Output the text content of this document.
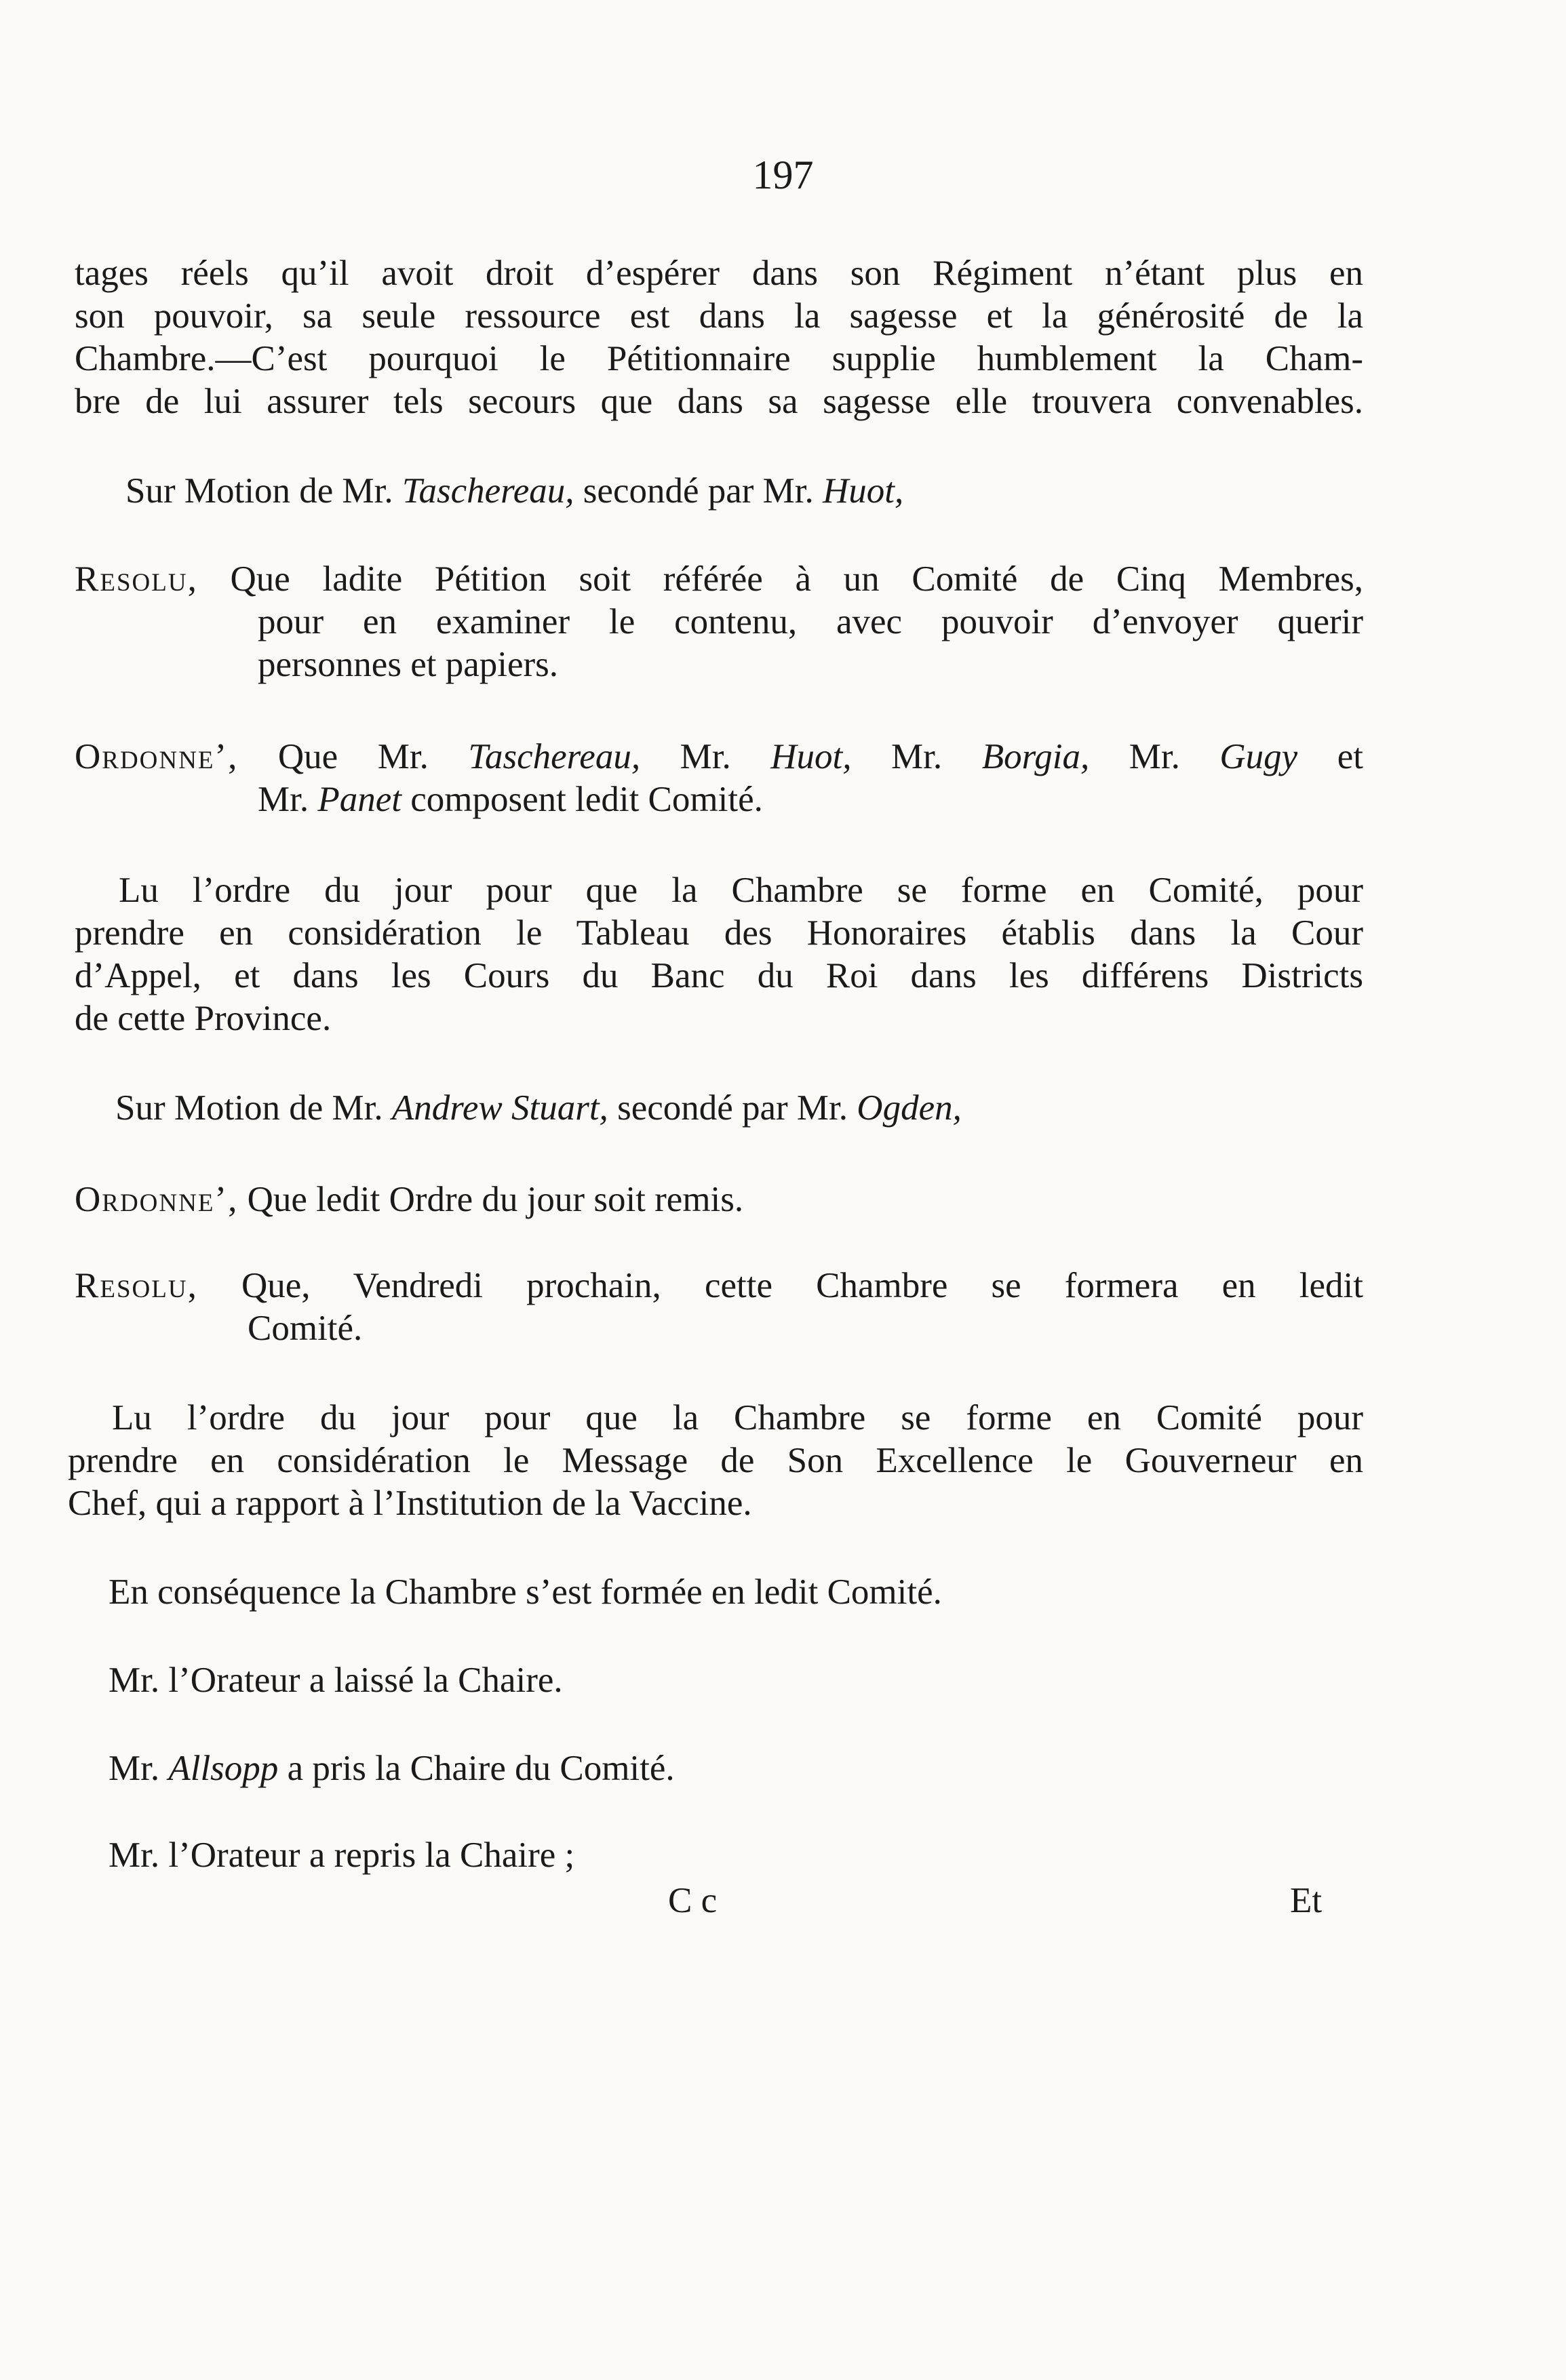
197
tages réels qu’il avoit droit d’espérer dans son Régiment n’étant plus en
son pouvoir, sa seule ressource est dans la sagesse et la générosité de la
Chambre.—C’est pourquoi le Pétitionnaire supplie humblement la Cham-
bre de lui assurer tels secours que dans sa sagesse elle trouvera convenables.
Sur Motion de Mr. Taschereau, secondé par Mr. Huot,
Resolu, Que ladite Pétition soit référée à un Comité de Cinq Membres,
pour en examiner le contenu, avec pouvoir d’envoyer querir
personnes et papiers.
Ordonne’, Que Mr. Taschereau, Mr. Huot, Mr. Borgia, Mr. Gugy et
Mr. Panet composent ledit Comité.
Lu l’ordre du jour pour que la Chambre se forme en Comité, pour
prendre en considération le Tableau des Honoraires établis dans la Cour
d’Appel, et dans les Cours du Banc du Roi dans les différens Districts
de cette Province.
Sur Motion de Mr. Andrew Stuart, secondé par Mr. Ogden,
Ordonne’, Que ledit Ordre du jour soit remis.
Resolu, Que, Vendredi prochain, cette Chambre se formera en ledit
Comité.
Lu l’ordre du jour pour que la Chambre se forme en Comité pour
prendre en considération le Message de Son Excellence le Gouverneur en
Chef, qui a rapport à l’Institution de la Vaccine.
En conséquence la Chambre s’est formée en ledit Comité.
Mr. l’Orateur a laissé la Chaire.
Mr. Allsopp a pris la Chaire du Comité.
Mr. l’Orateur a repris la Chaire ;
C c	Et
